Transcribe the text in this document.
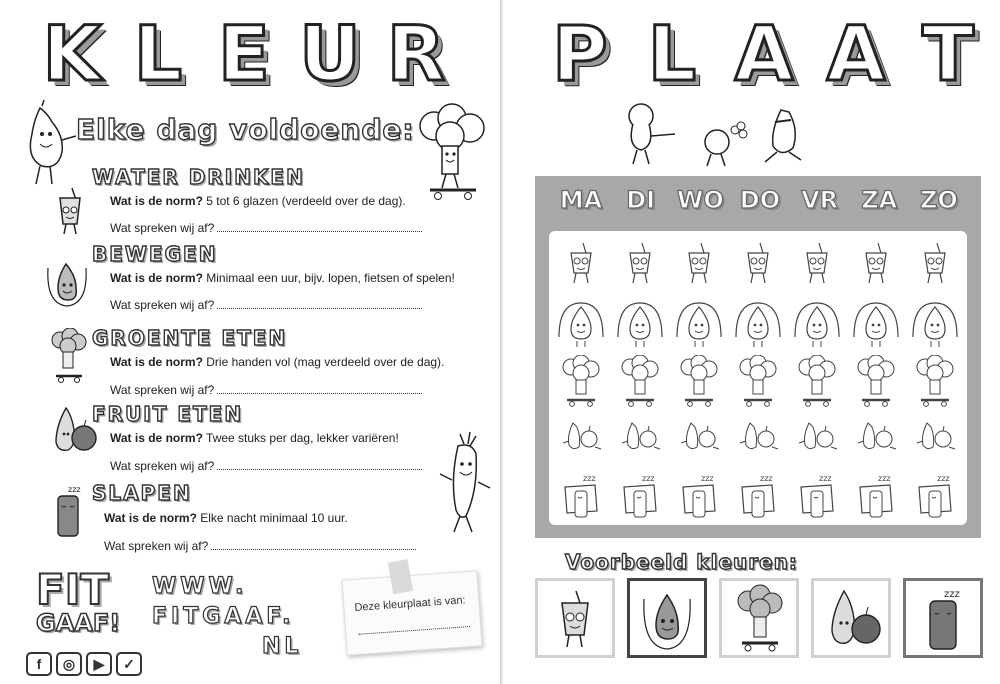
K L E U R
Elke dag voldoende:
WATER DRINKEN
Wat is de norm? 5 tot 6 glazen (verdeeld over de dag).
Wat spreken wij af?
BEWEGEN
Wat is de norm? Minimaal een uur, bijv. lopen, fietsen of spelen!
Wat spreken wij af?
GROENTE ETEN
Wat is de norm? Drie handen vol (mag verdeeld over de dag).
Wat spreken wij af?
FRUIT ETEN
Wat is de norm? Twee stuks per dag, lekker variëren!
Wat spreken wij af?
zzz SLAPEN
Wat is de norm? Elke nacht minimaal 10 uur.
Wat spreken wij af?
FIT
GAAF!
f	◎	▶	✓
WWW.
FITGAAF.
NL
Deze kleurplaat is van:
P L A A T
MA DI WO DO VR ZA ZO
zzz	zzz	zzz	zzz	zzz	zzz	zzz
Voorbeeld kleuren:
zzz
